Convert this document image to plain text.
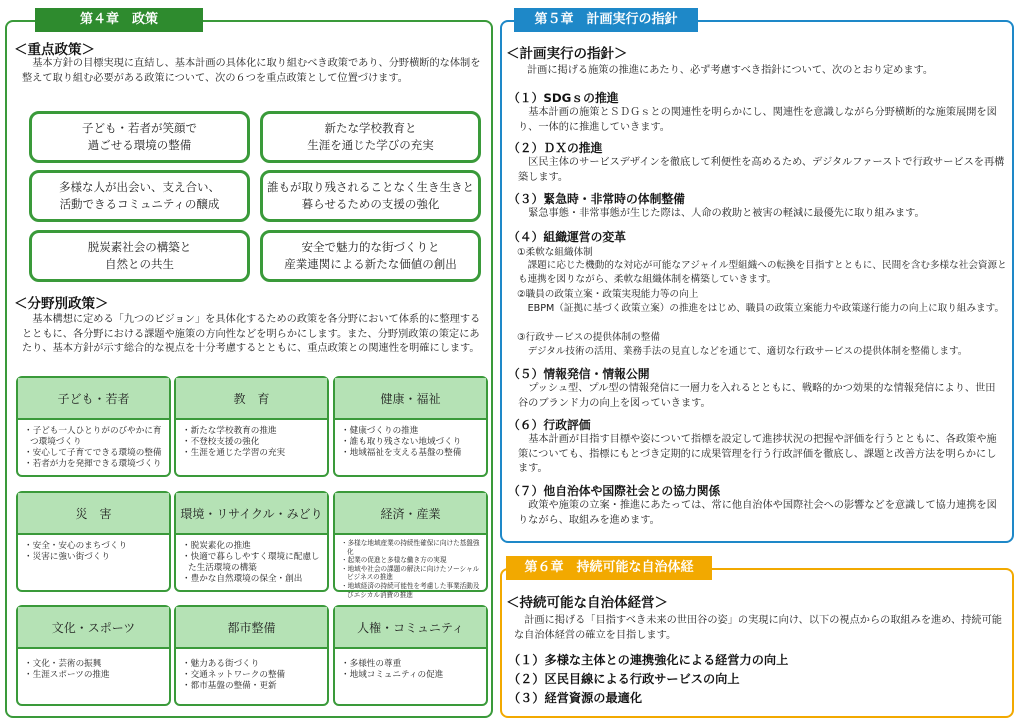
第４章　政策
＜重点政策＞

基本方針の目標実現に直結し、基本計画の具体化に取り組むべき政策であり、分野横断的な体制を整えて取り組む必要がある政策について、次の６つを重点政策として位置づけます。

子ども・若者が笑顔で
過ごせる環境の整備
新たな学校教育と
生涯を通じた学びの充実
多様な人が出会い、支え合い、
活動できるコミュニティの醸成
誰もが取り残されることなく生き生きと
暮らせるための支援の強化
脱炭素社会の構築と
自然との共生
安全で魅力的な街づくりと
産業連関による新たな価値の創出
＜分野別政策＞

基本構想に定める「九つのビジョン」を具体化するための政策を各分野において体系的に整理するとともに、各分野における課題や施策の方向性などを明らかにします。また、分野別政策の策定にあたり、基本方針が示す総合的な視点を十分考慮するとともに、重点政策との関連性を明確にします。

子ども・若者
・子ども一人ひとりがのびやかに育つ環境づくり
・安心して子育てできる環境の整備
・若者が力を発揮できる環境づくり
教　育
・新たな学校教育の推進
・不登校支援の強化
・生涯を通じた学習の充実
健康・福祉
・健康づくりの推進
・誰も取り残さない地域づくり
・地域福祉を支える基盤の整備
災　害
・安全・安心のまちづくり
・災害に強い街づくり
環境・リサイクル・みどり
・脱炭素化の推進
・快適で暮らしやすく環境に配慮した生活環境の構築
・豊かな自然環境の保全・創出
経済・産業
・多様な地域産業の持続性確保に向けた基盤強化
・起業の促進と多様な働き方の実現
・地域や社会の課題の解決に向けたソーシャルビジネスの推進
・地域経済の持続可能性を考慮した事業活動及びエシカル消費の推進
文化・スポーツ
・文化・芸術の振興
・生涯スポーツの推進
都市整備
・魅力ある街づくり
・交通ネットワークの整備
・都市基盤の整備・更新
人権・コミュニティ
・多様性の尊重
・地域コミュニティの促進
第５章　計画実行の指針
＜計画実行の指針＞
計画に掲げる施策の推進にあたり、必ず考慮すべき指針について、次のとおり定めます。
（１）SDGｓの推進
基本計画の施策とＳＤＧｓとの関連性を明らかにし、関連性を意識しながら分野横断的な施策展開を図り、一体的に推進していきます。
（２）ＤＸの推進
区民主体のサービスデザインを徹底して利便性を高めるため、デジタルファーストで行政サービスを再構築します。
（３）緊急時・非常時の体制整備
緊急事態・非常事態が生じた際は、人命の救助と被害の軽減に最優先に取り組みます。
（４）組織運営の変革
①柔軟な組織体制
課題に応じた機動的な対応が可能なアジャイル型組織への転換を目指すとともに、民間を含む多様な社会資源とも連携を図りながら、柔軟な組織体制を構築していきます。
②職員の政策立案・政策実現能力等の向上
EBPM（証拠に基づく政策立案）の推進をはじめ、職員の政策立案能力や政策遂行能力の向上に取り組みます。
③行政サービスの提供体制の整備
デジタル技術の活用、業務手法の見直しなどを通じて、適切な行政サービスの提供体制を整備します。
（５）情報発信・情報公開
プッシュ型、プル型の情報発信に一層力を入れるとともに、戦略的かつ効果的な情報発信により、世田谷のブランド力の向上を図っていきます。
（６）行政評価
基本計画が目指す目標や姿について指標を設定して進捗状況の把握や評価を行うとともに、各政策や施策についても、指標にもとづき定期的に成果管理を行う行政評価を徹底し、課題と改善方法を明らかにします。
（７）他自治体や国際社会との協力関係
政策や施策の立案・推進にあたっては、常に他自治体や国際社会への影響などを意識して協力連携を図りながら、取組みを進めます。
第６章　持続可能な自治体経営
＜持続可能な自治体経営＞
計画に掲げる「目指すべき未来の世田谷の姿」の実現に向け、以下の視点からの取組みを進め、持続可能な自治体経営の確立を目指します。
（１）多様な主体との連携強化による経営力の向上
（２）区民目線による行政サービスの向上
（３）経営資源の最適化
